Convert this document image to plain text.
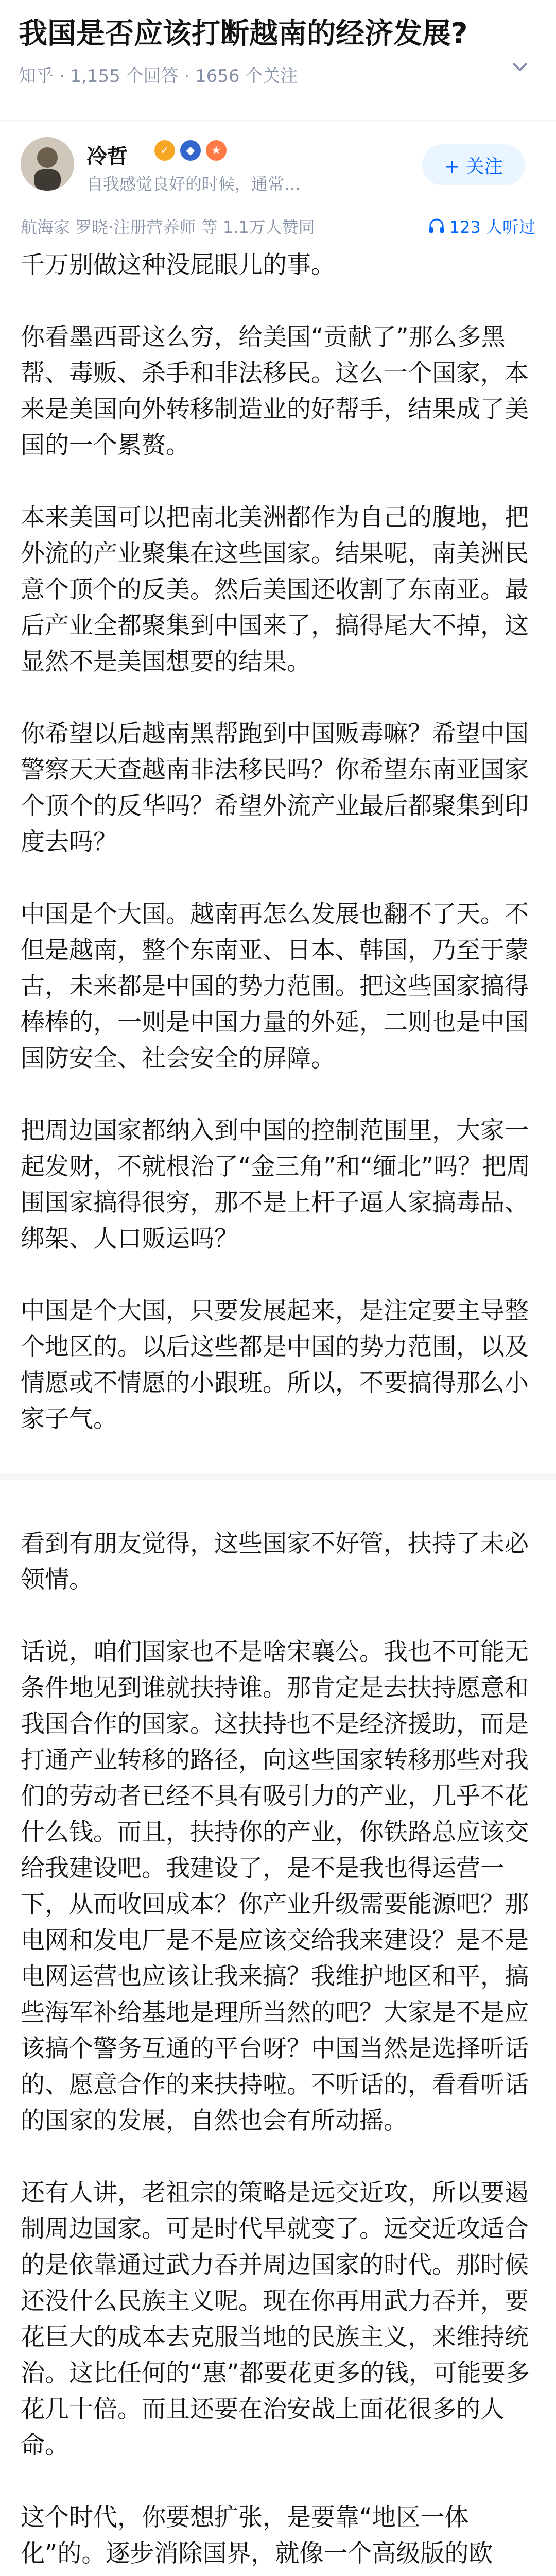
我国是否应该打断越南的经济发展?
知乎 · 1,155 个回答 · 1656 个关注
冷哲	✓	◆	★
自我感觉良好的时候，通常…
+ 关注
航海家 罗晓·注册营养师 等 1.1万人赞同	123 人听过

千万别做这种没屁眼儿的事。

你看墨西哥这么穷，给美国“贡献了”那么多黑帮、毒贩、杀手和非法移民。这么一个国家，本来是美国向外转移制造业的好帮手，结果成了美国的一个累赘。

本来美国可以把南北美洲都作为自己的腹地，把外流的产业聚集在这些国家。结果呢，南美洲民意个顶个的反美。然后美国还收割了东南亚。最后产业全都聚集到中国来了，搞得尾大不掉，这显然不是美国想要的结果。

你希望以后越南黑帮跑到中国贩毒嘛？希望中国警察天天查越南非法移民吗？你希望东南亚国家个顶个的反华吗？希望外流产业最后都聚集到印度去吗？

中国是个大国。越南再怎么发展也翻不了天。不但是越南，整个东南亚、日本、韩国，乃至于蒙古，未来都是中国的势力范围。把这些国家搞得棒棒的，一则是中国力量的外延，二则也是中国国防安全、社会安全的屏障。

把周边国家都纳入到中国的控制范围里，大家一起发财，不就根治了“金三角”和“缅北”吗？把周围国家搞得很穷，那不是上杆子逼人家搞毒品、绑架、人口贩运吗？

中国是个大国，只要发展起来，是注定要主导整个地区的。以后这些都是中国的势力范围，以及情愿或不情愿的小跟班。所以，不要搞得那么小家子气。

看到有朋友觉得，这些国家不好管，扶持了未必领情。

话说，咱们国家也不是啥宋襄公。我也不可能无条件地见到谁就扶持谁。那肯定是去扶持愿意和我国合作的国家。这扶持也不是经济援助，而是打通产业转移的路径，向这些国家转移那些对我们的劳动者已经不具有吸引力的产业，几乎不花什么钱。而且，扶持你的产业，你铁路总应该交给我建设吧。我建设了，是不是我也得运营一下，从而收回成本？你产业升级需要能源吧？那电网和发电厂是不是应该交给我来建设？是不是电网运营也应该让我来搞？我维护地区和平，搞些海军补给基地是理所当然的吧？大家是不是应该搞个警务互通的平台呀？中国当然是选择听话的、愿意合作的来扶持啦。不听话的，看看听话的国家的发展，自然也会有所动摇。

还有人讲，老祖宗的策略是远交近攻，所以要遏制周边国家。可是时代早就变了。远交近攻适合的是依靠通过武力吞并周边国家的时代。那时候还没什么民族主义呢。现在你再用武力吞并，要花巨大的成本去克服当地的民族主义，来维持统治。这比任何的“惠”都要花更多的钱，可能要多花几十倍。而且还要在治安战上面花很多的人命。

这个时代，你要想扩张，是要靠“地区一体化”的。逐步消除国界，就像一个高级版的欧
